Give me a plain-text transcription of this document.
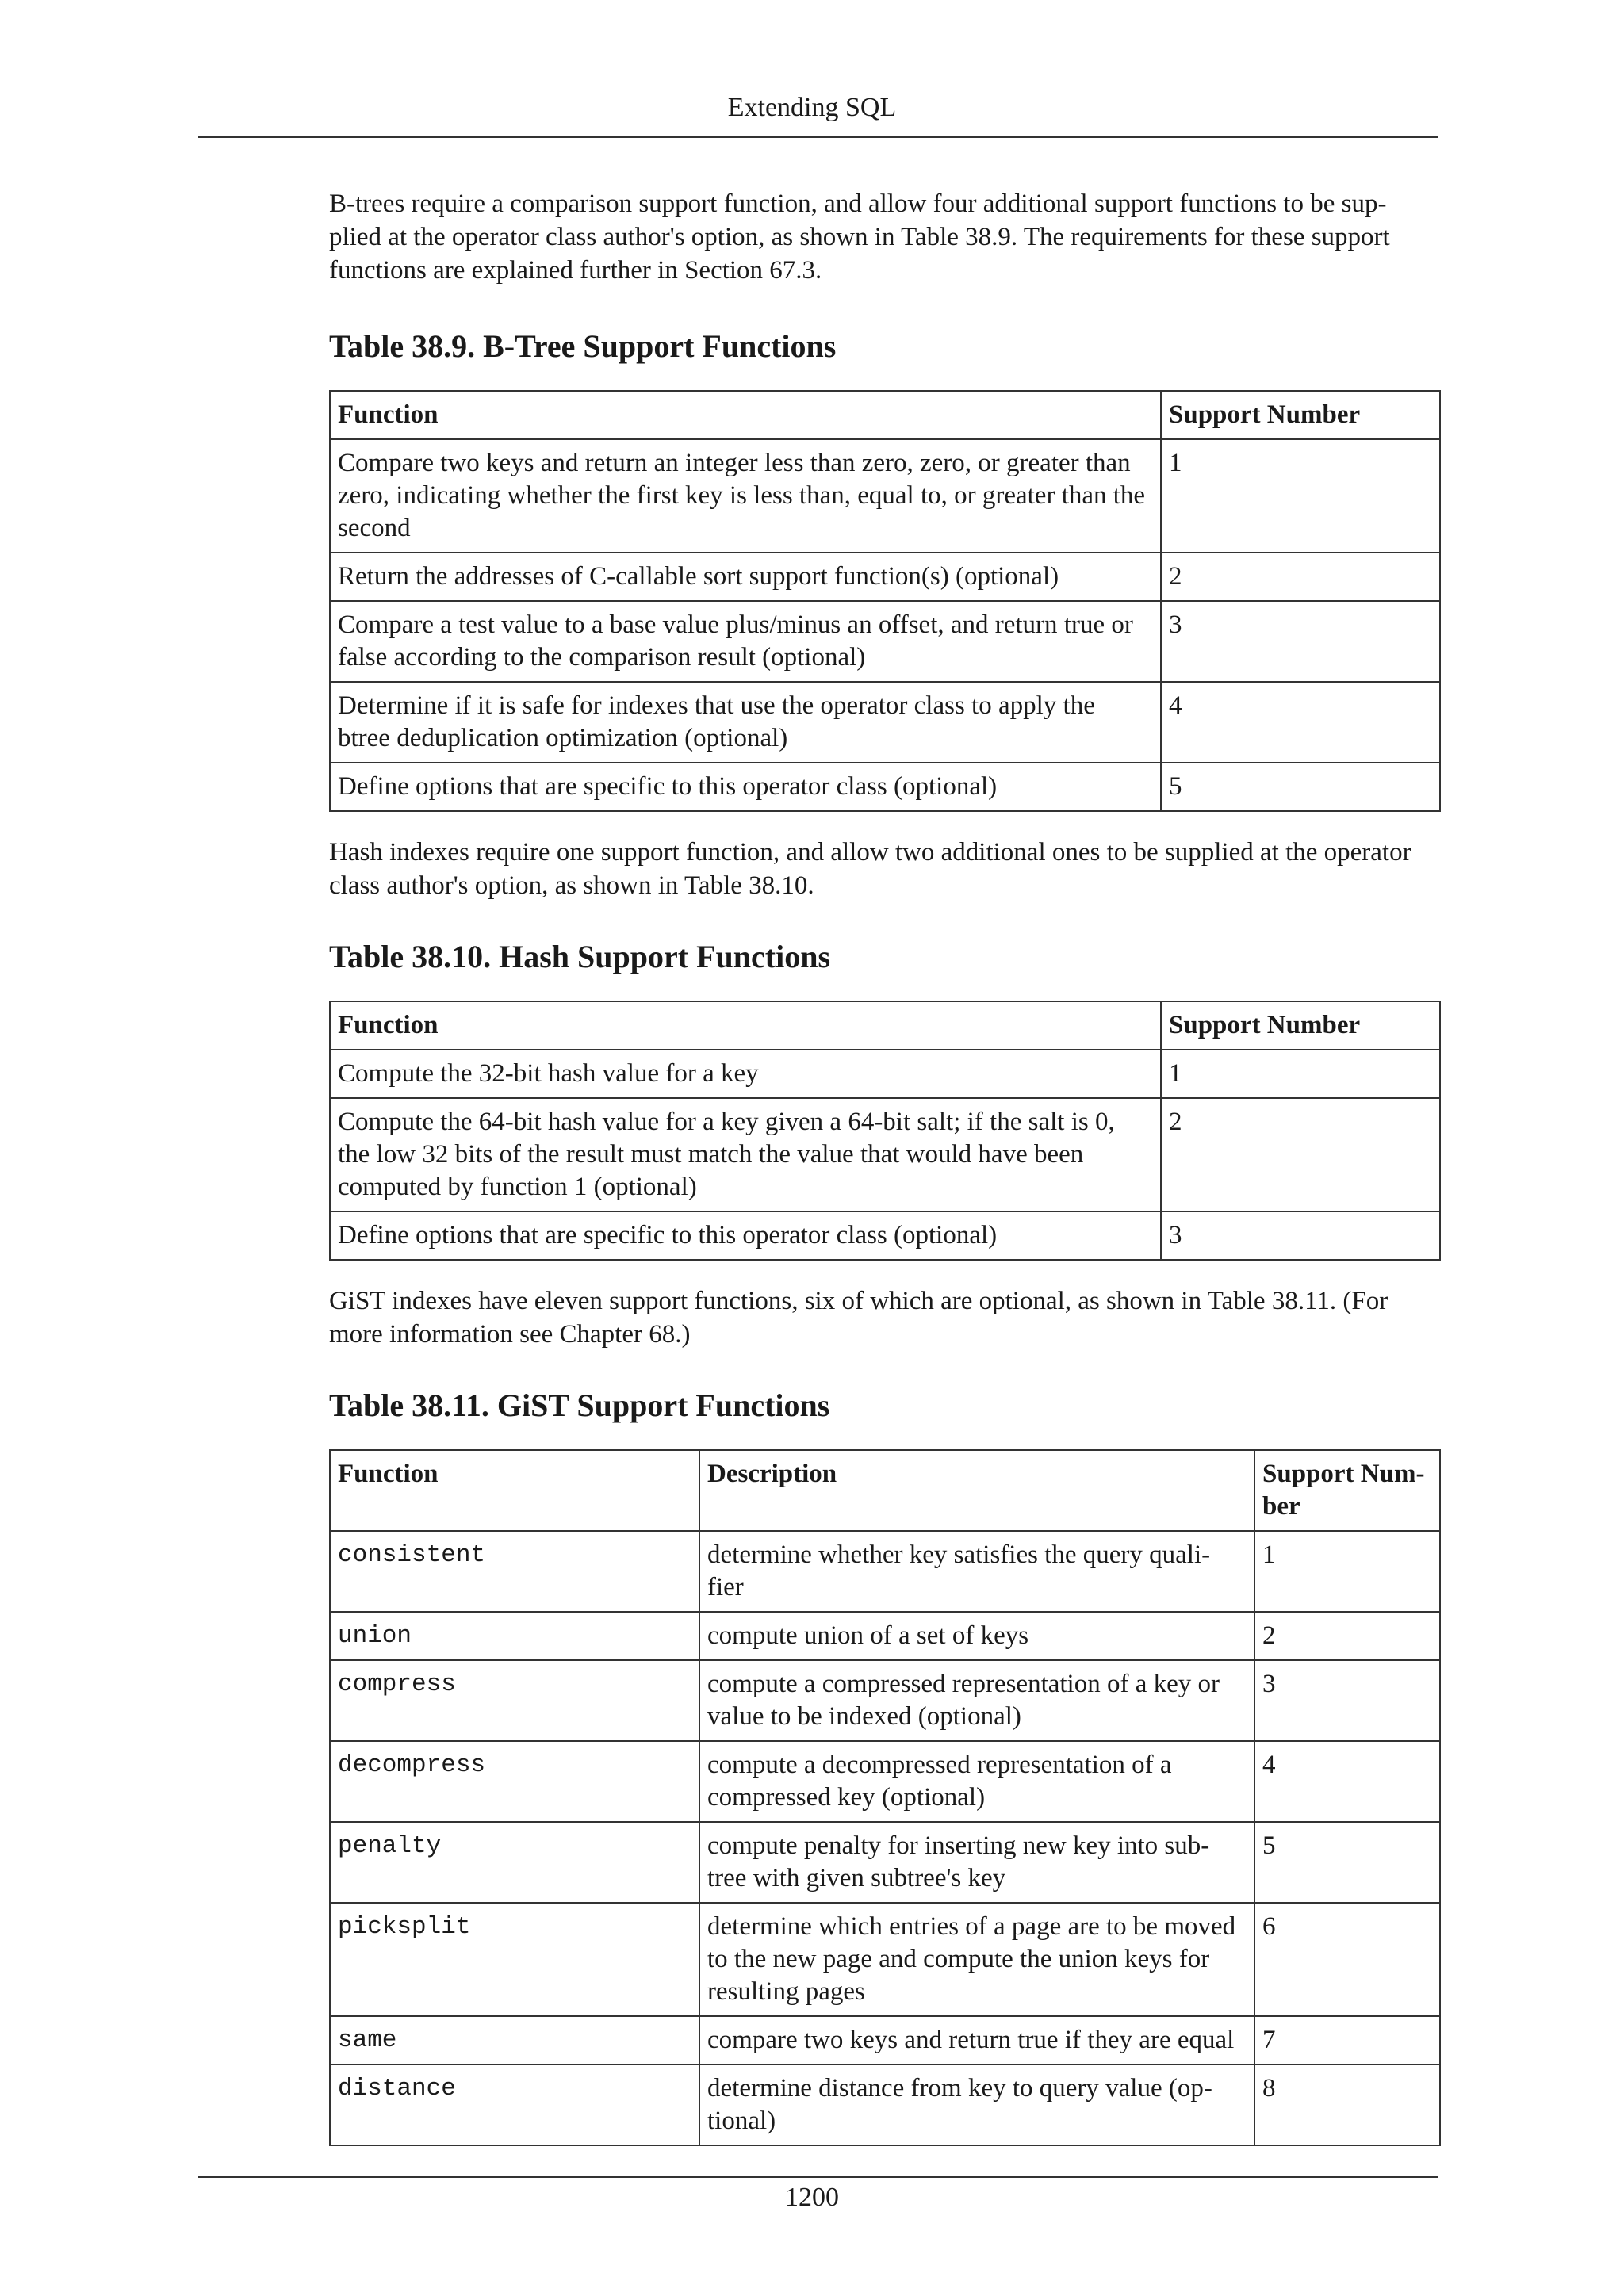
Extending SQL

B-trees require a comparison support function, and allow four additional support functions to be sup- plied at the operator class author's option, as shown in Table 38.9. The requirements for these support functions are explained further in Section 67.3.

Table 38.9. B-Tree Support Functions
Function	Support Number
Compare two keys and return an integer less than zero, zero, or greater than zero, indicating whether the first key is less than, equal to, or greater than the second	1
Return the addresses of C-callable sort support function(s) (optional)	2
Compare a test value to a base value plus/minus an offset, and return true or false according to the comparison result (optional)	3
Determine if it is safe for indexes that use the operator class to apply the btree deduplication optimization (optional)	4
Define options that are specific to this operator class (optional)	5

Hash indexes require one support function, and allow two additional ones to be supplied at the operator class author's option, as shown in Table 38.10.

Table 38.10. Hash Support Functions
Function	Support Number
Compute the 32-bit hash value for a key	1
Compute the 64-bit hash value for a key given a 64-bit salt; if the salt is 0, the low 32 bits of the result must match the value that would have been computed by function 1 (optional)	2
Define options that are specific to this operator class (optional)	3

GiST indexes have eleven support functions, six of which are optional, as shown in Table 38.11. (For more information see Chapter 68.)

Table 38.11. GiST Support Functions
Function	Description	Support Num- ber
consistent	determine whether key satisfies the query quali- fier	1
union	compute union of a set of keys	2
compress	compute a compressed representation of a key or value to be indexed (optional)	3
decompress	compute a decompressed representation of a compressed key (optional)	4
penalty	compute penalty for inserting new key into sub- tree with given subtree's key	5
picksplit	determine which entries of a page are to be moved to the new page and compute the union keys for resulting pages	6
same	compare two keys and return true if they are equal	7
distance	determine distance from key to query value (op- tional)	8
1200
